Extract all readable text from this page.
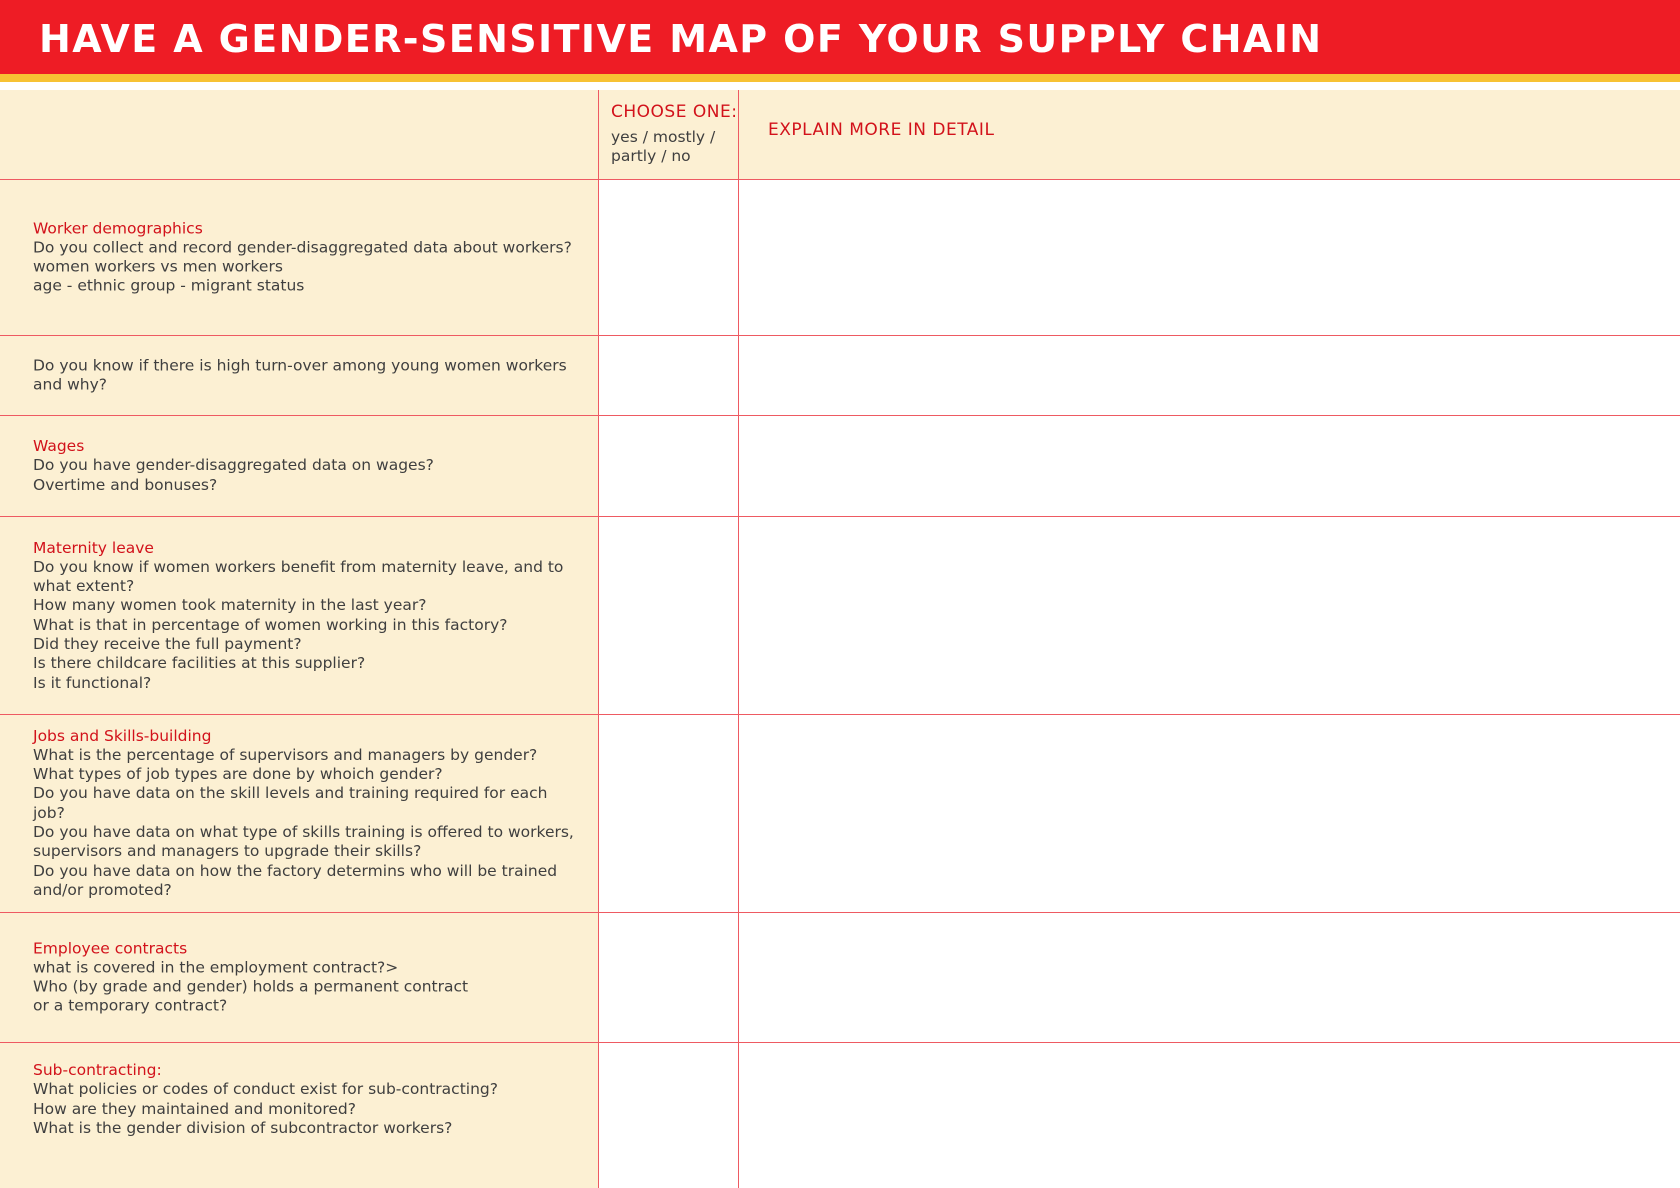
HAVE A GENDER-SENSITIVE MAP OF YOUR SUPPLY CHAIN
CHOOSE ONE:
yes / mostly / partly / no
EXPLAIN MORE IN DETAIL
Worker demographics
Do you collect and record gender-disaggregated data about workers?
women workers vs men workers
age - ethnic group - migrant status
Do you know if there is high turn-over among young women workers and why?
Wages
Do you have gender-disaggregated data on wages?
Overtime and bonuses?
Maternity leave
Do you know if women workers benefit from maternity leave, and to what extent?
How many women took maternity in the last year?
What is that in percentage of women working in this factory?
Did they receive the full payment?
Is there childcare facilities at this supplier?
Is it functional?
Jobs and Skills-building
What is the percentage of supervisors and managers by gender?
What types of job types are done by whoich gender?
Do you have data on the skill levels and training required for each job?
Do you have data on what type of skills training is offered to workers, supervisors and managers to upgrade their skills?
Do you have data on how the factory determins who will be trained and/or promoted?
Employee contracts
what is covered in the employment contract?>
Who (by grade and gender) holds a permanent contract
or a temporary contract?
Sub-contracting:
What policies or codes of conduct exist for sub-contracting?
How are they maintained and monitored?
What is the gender division of subcontractor workers?
